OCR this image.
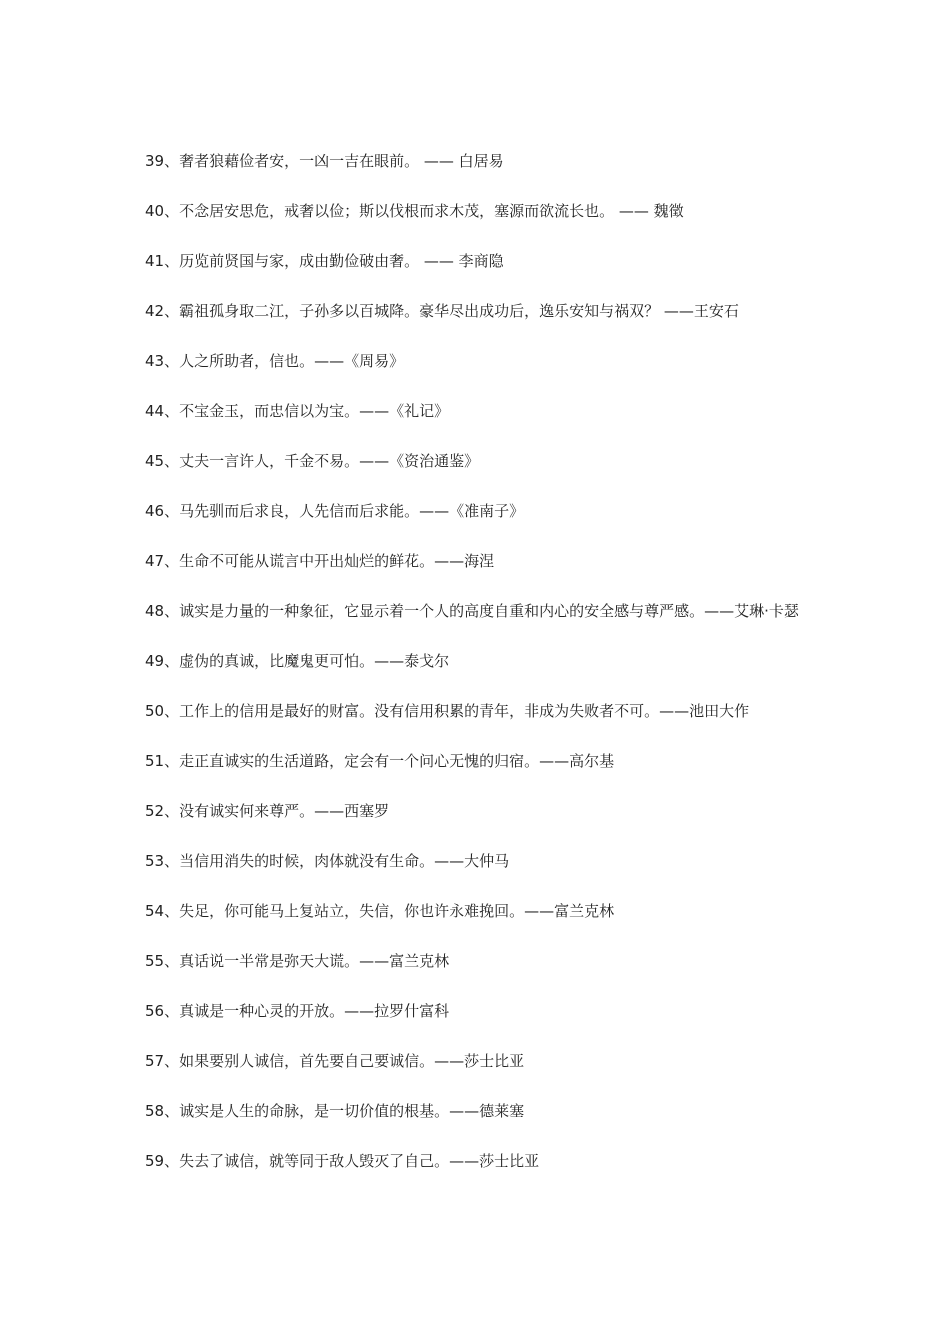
39、奢者狼藉俭者安，一凶一吉在眼前。 —— 白居易
40、不念居安思危，戒奢以俭；斯以伐根而求木茂，塞源而欲流长也。 —— 魏徵
41、历览前贤国与家，成由勤俭破由奢。 —— 李商隐
42、霸祖孤身取二江，子孙多以百城降。豪华尽出成功后，逸乐安知与祸双？ ——王安石
43、人之所助者，信也。——《周易》
44、不宝金玉，而忠信以为宝。——《礼记》
45、丈夫一言许人，千金不易。——《资治通鉴》
46、马先驯而后求良，人先信而后求能。——《准南子》
47、生命不可能从谎言中开出灿烂的鲜花。——海涅
48、诚实是力量的一种象征，它显示着一个人的高度自重和内心的安全感与尊严感。——艾琳·卡瑟
49、虚伪的真诚，比魔鬼更可怕。——泰戈尔
50、工作上的信用是最好的财富。没有信用积累的青年，非成为失败者不可。——池田大作
51、走正直诚实的生活道路，定会有一个问心无愧的归宿。——高尔基
52、没有诚实何来尊严。——西塞罗
53、当信用消失的时候，肉体就没有生命。——大仲马
54、失足，你可能马上复站立，失信，你也许永难挽回。——富兰克林
55、真话说一半常是弥天大谎。——富兰克林
56、真诚是一种心灵的开放。——拉罗什富科
57、如果要别人诚信，首先要自己要诚信。——莎士比亚
58、诚实是人生的命脉，是一切价值的根基。——德莱塞
59、失去了诚信，就等同于敌人毁灭了自己。——莎士比亚
